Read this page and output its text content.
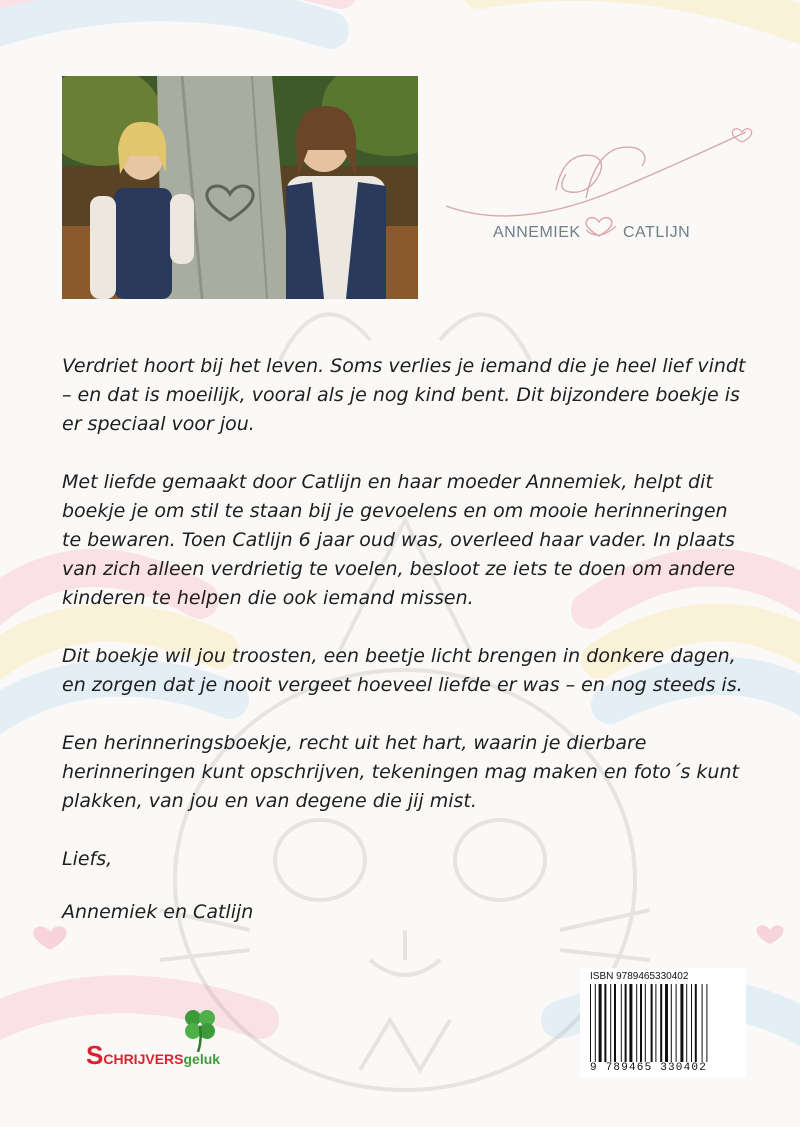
ANNEMIEK	CATLIJN

Verdriet hoort bij het leven. Soms verlies je iemand die je heel lief vindt – en dat is moeilijk, vooral als je nog kind bent. Dit bijzondere boekje is er speciaal voor jou.

Met liefde gemaakt door Catlijn en haar moeder Annemiek, helpt dit boekje je om stil te staan bij je gevoelens en om mooie herinneringen te bewaren. Toen Catlijn 6 jaar oud was, overleed haar vader. In plaats van zich alleen verdrietig te voelen, besloot ze iets te doen om andere kinderen te helpen die ook iemand missen.

Dit boekje wil jou troosten, een beetje licht brengen in donkere dagen, en zorgen dat je nooit vergeet hoeveel liefde er was – en nog steeds is.

Een herinneringsboekje, recht uit het hart, waarin je dierbare herinneringen kunt opschrijven, tekeningen mag maken en foto´s kunt plakken, van jou en van degene die jij mist.

Liefs,

Annemiek en Catlijn

SCHRIJVERSgeluk
ISBN 9789465330402
9 789465 330402
